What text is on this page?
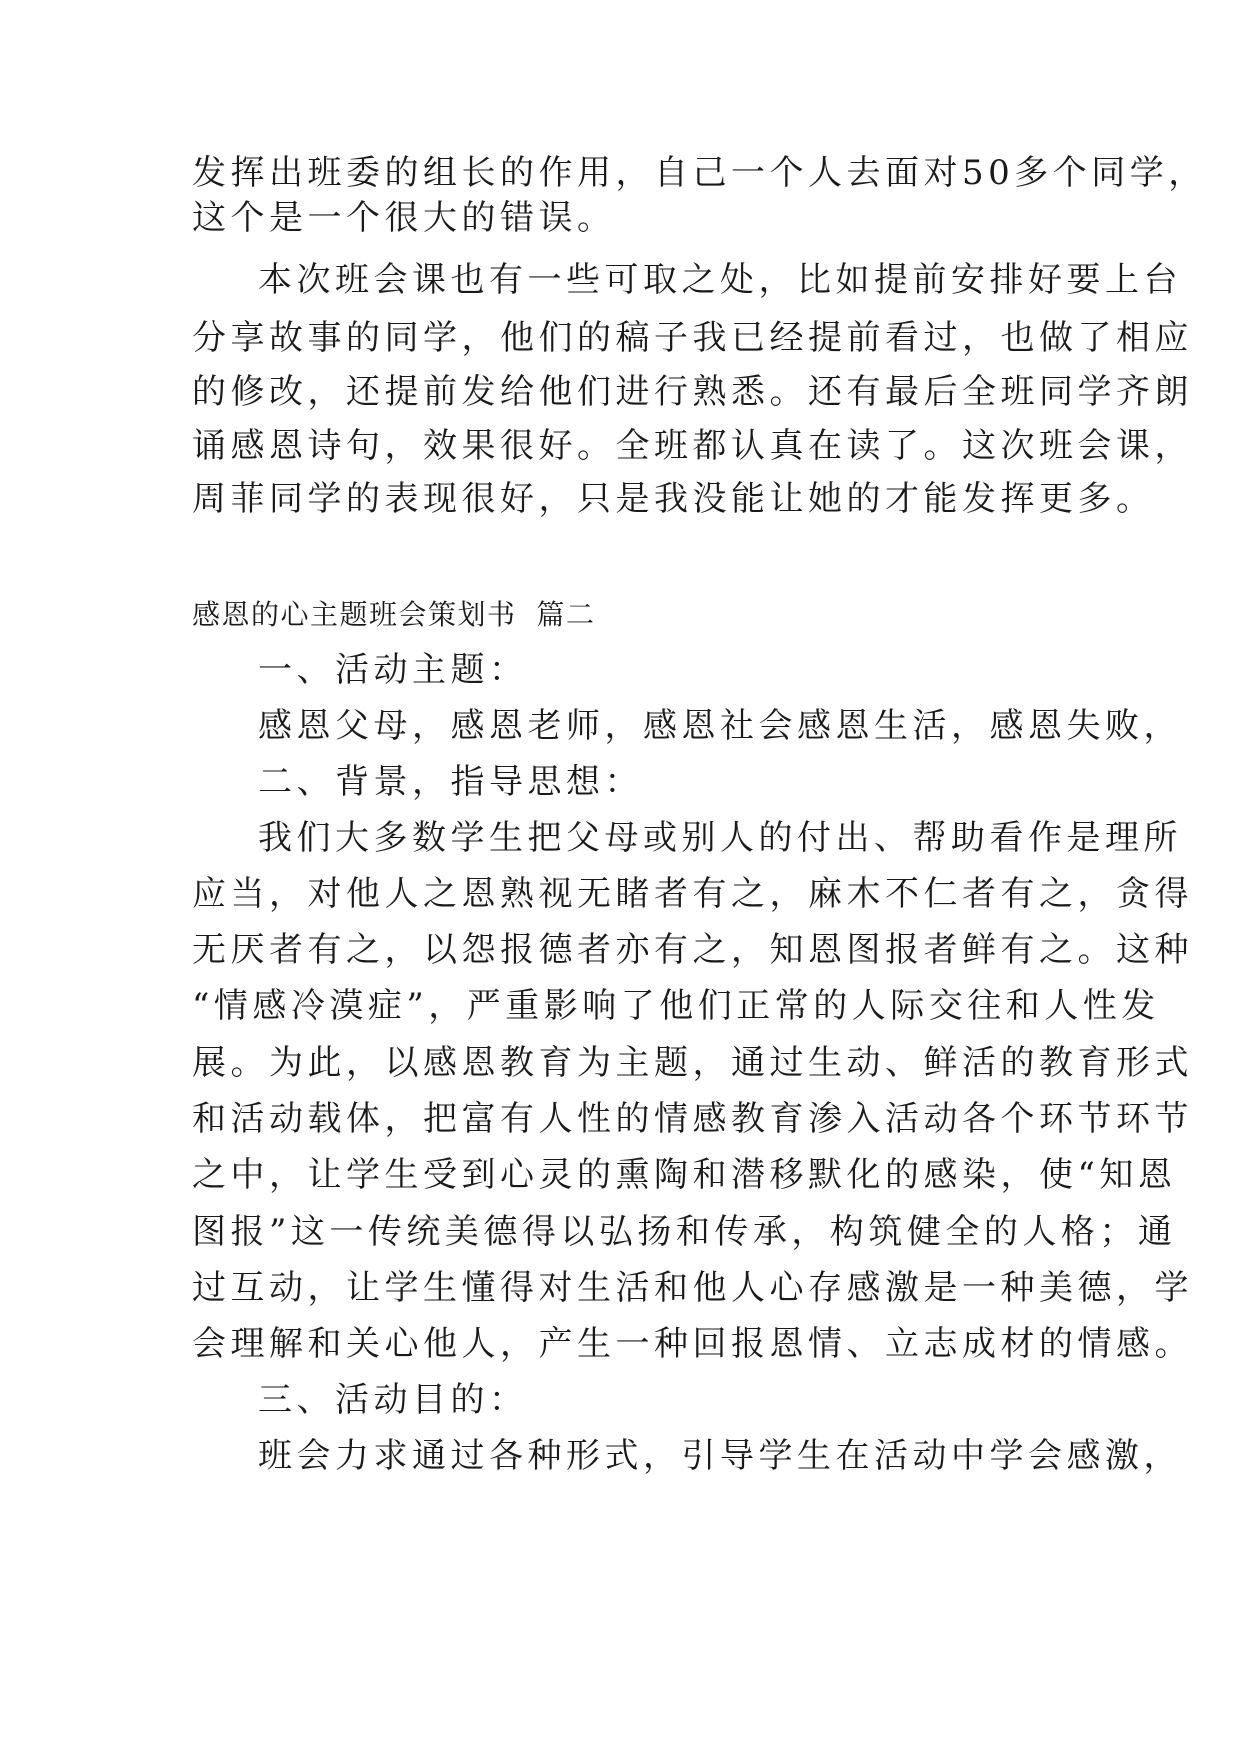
发挥出班委的组长的作用，自己一个人去面对50多个同学，
这个是一个很大的错误。
本次班会课也有一些可取之处，比如提前安排好要上台
分享故事的同学，他们的稿子我已经提前看过，也做了相应
的修改，还提前发给他们进行熟悉。还有最后全班同学齐朗
诵感恩诗句，效果很好。全班都认真在读了。这次班会课，
周菲同学的表现很好，只是我没能让她的才能发挥更多。
感恩的心主题班会策划书 篇二
一、活动主题：
感恩父母，感恩老师，感恩社会感恩生活，感恩失败，
二、背景，指导思想：
我们大多数学生把父母或别人的付出、帮助看作是理所
应当，对他人之恩熟视无睹者有之，麻木不仁者有之，贪得
无厌者有之，以怨报德者亦有之，知恩图报者鲜有之。这种
“情感冷漠症”，严重影响了他们正常的人际交往和人性发
展。为此，以感恩教育为主题，通过生动、鲜活的教育形式
和活动载体，把富有人性的情感教育渗入活动各个环节环节
之中，让学生受到心灵的熏陶和潜移默化的感染，使“知恩
图报”这一传统美德得以弘扬和传承，构筑健全的人格；通
过互动，让学生懂得对生活和他人心存感激是一种美德，学
会理解和关心他人，产生一种回报恩情、立志成材的情感。
三、活动目的：
班会力求通过各种形式，引导学生在活动中学会感激，
